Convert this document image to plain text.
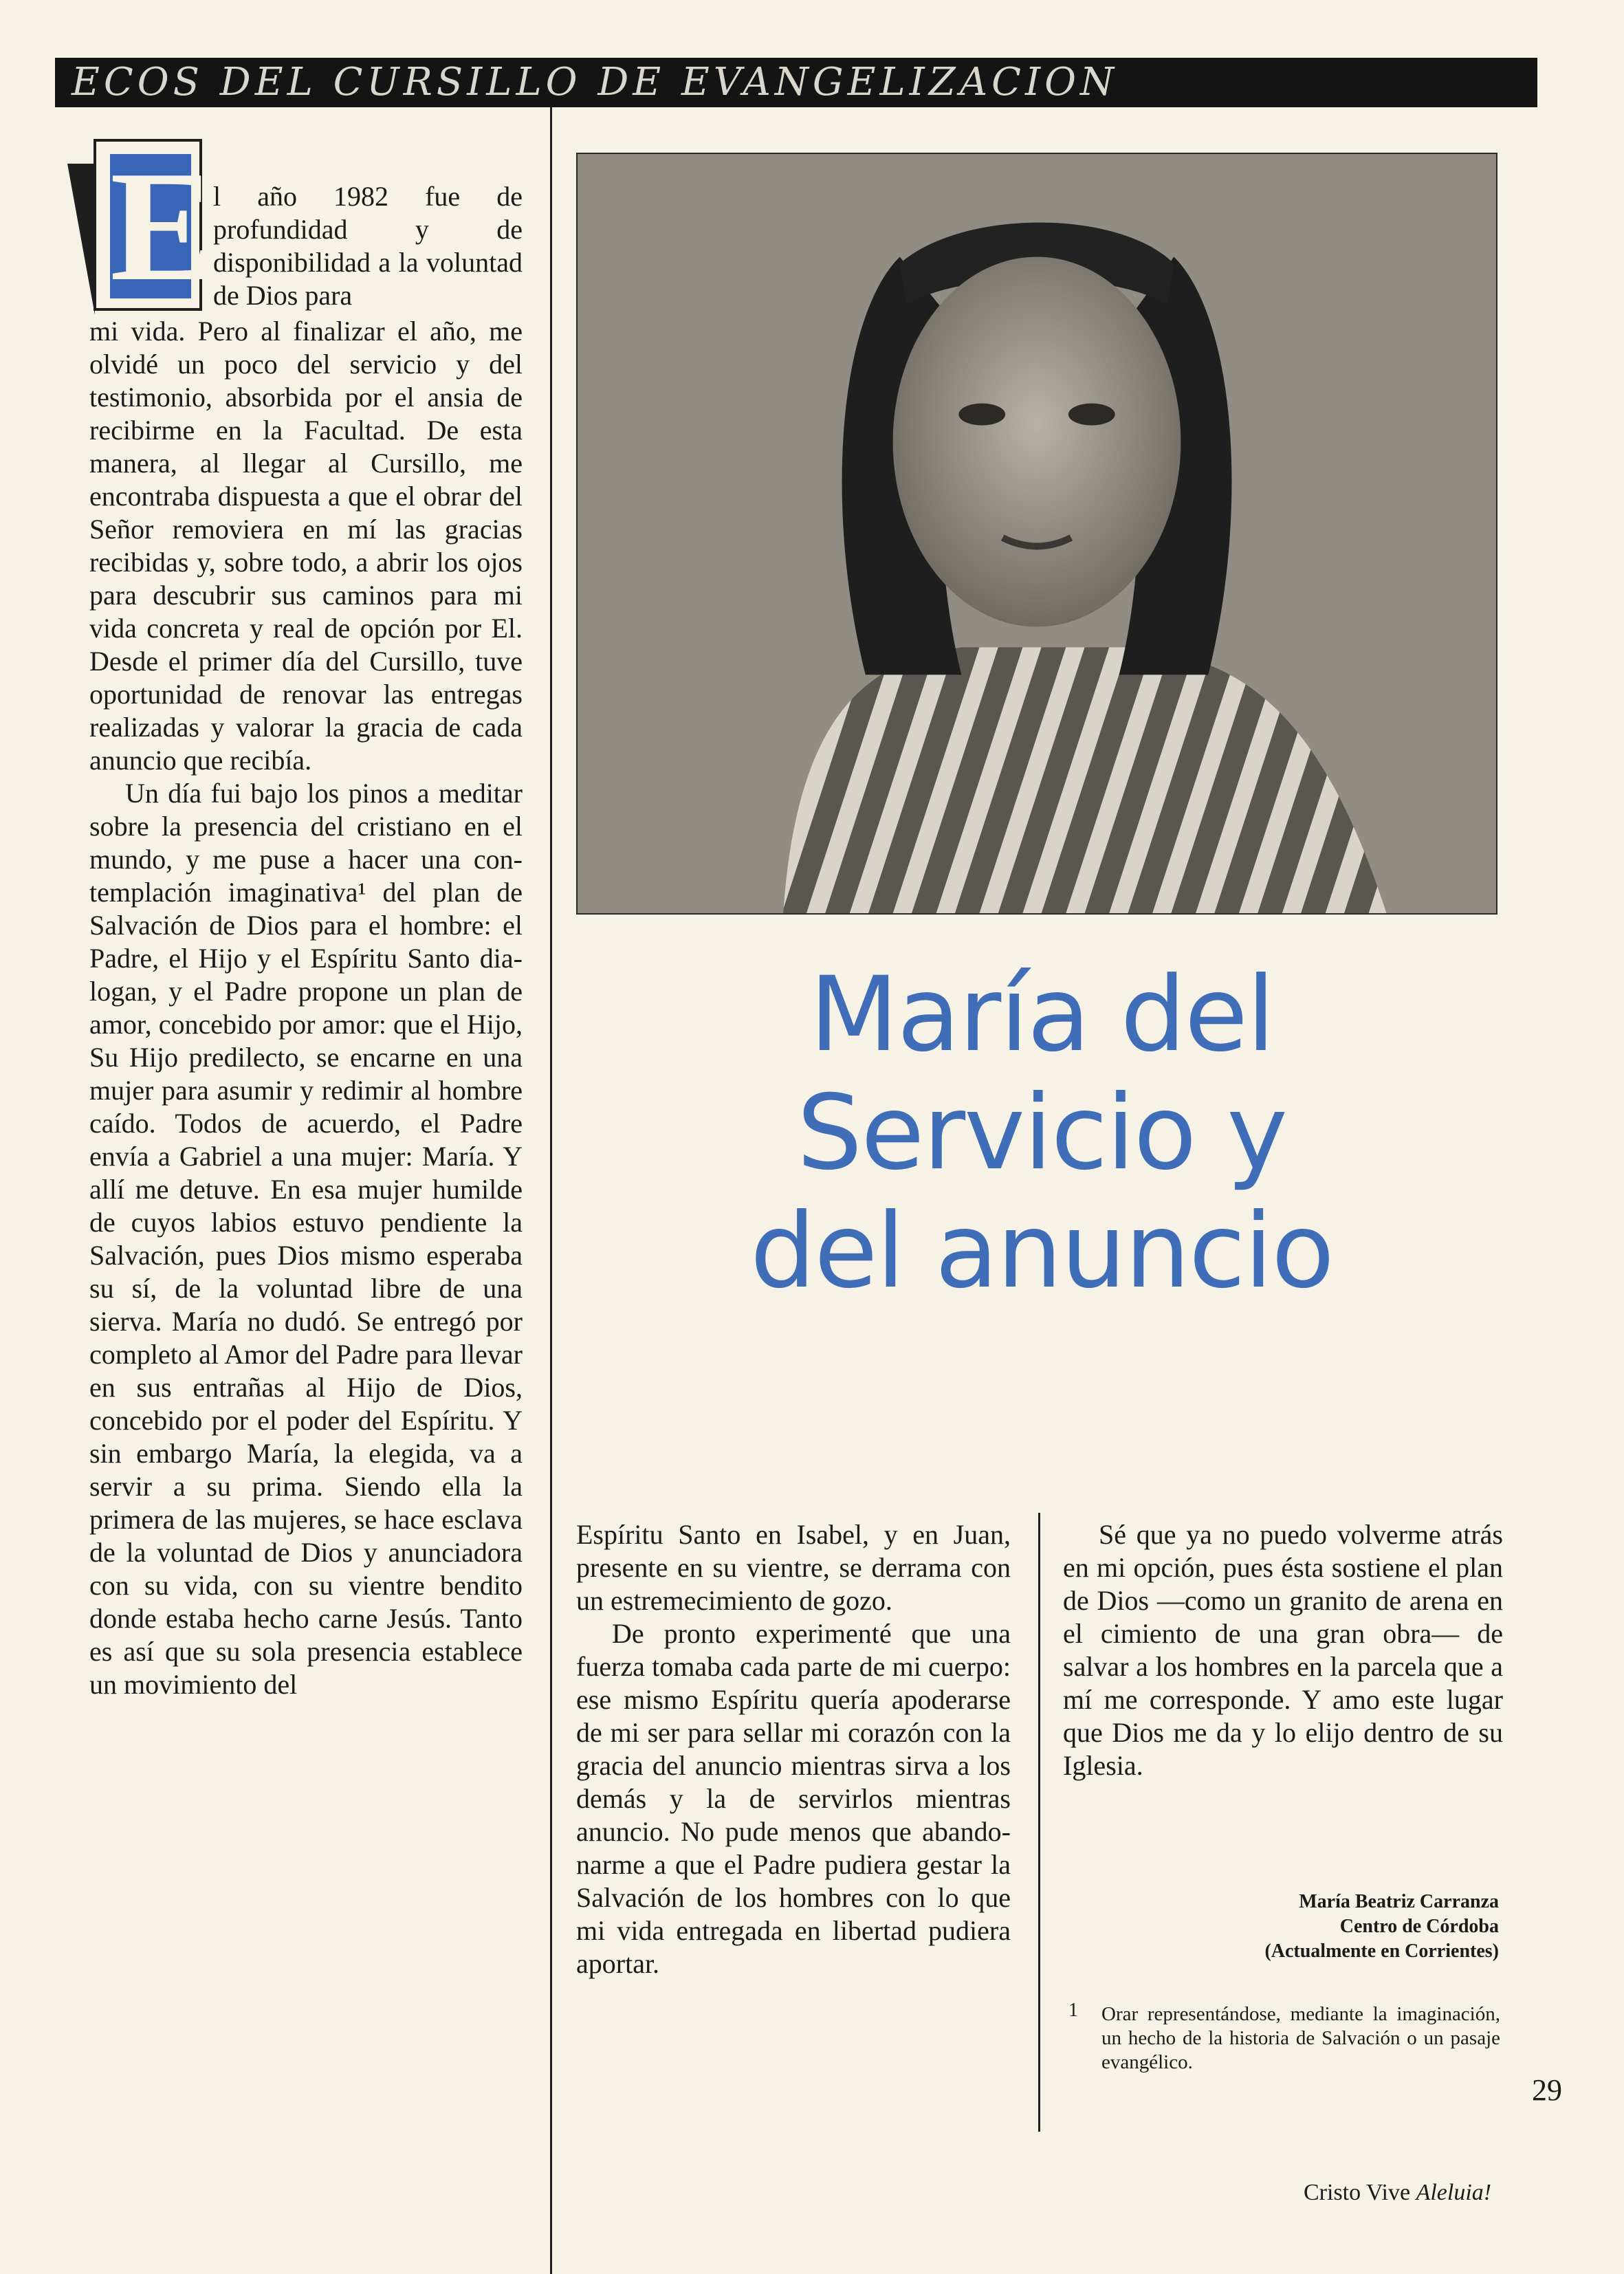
ECOS DEL CURSILLO DE EVANGELIZACION
E

l año 1982 fue de profundidad y de disponibilidad a la voluntad de Dios para

mi vida. Pero al finalizar el año, me olvidé un poco del servicio y del testimonio, absorbida por el ansia de recibirme en la Facultad. De esta manera, al llegar al Cursillo, me encontraba dispuesta a que el obrar del Señor removiera en mí las gracias recibidas y, sobre todo, a abrir los ojos para descubrir sus caminos para mi vida concreta y real de opción por El. Desde el primer día del Cursillo, tuve oportunidad de renovar las entregas realizadas y valorar la gracia de cada anuncio que recibía.

Un día fui bajo los pinos a meditar sobre la presencia del cristiano en el mundo, y me puse a hacer una contemplación imaginativa¹ del plan de Salvación de Dios para el hombre: el Padre, el Hijo y el Espíritu Santo dialogan, y el Padre propone un plan de amor, concebido por amor: que el Hijo, Su Hijo predilecto, se encarne en una mujer para asumir y redimir al hombre caído. Todos de acuerdo, el Padre envía a Gabriel a una mujer: María. Y allí me detuve. En esa mujer humilde de cuyos labios estuvo pendiente la Salvación, pues Dios mismo esperaba su sí, de la voluntad libre de una sierva. María no dudó. Se entregó por completo al Amor del Padre para llevar en sus entrañas al Hijo de Dios, concebido por el poder del Espíritu. Y sin embargo María, la elegida, va a servir a su prima. Siendo ella la primera de las mujeres, se hace esclava de la voluntad de Dios y anunciadora con su vida, con su vientre bendito donde estaba hecho carne Jesús. Tanto es así que su sola presencia establece un movimiento del

María del
Servicio y
del anuncio

Espíritu Santo en Isabel, y en Juan, presente en su vientre, se derrama con un estremecimiento de gozo.

De pronto experimenté que una fuerza tomaba cada parte de mi cuerpo: ese mismo Espíritu quería apoderarse de mi ser para sellar mi corazón con la gracia del anuncio mientras sirva a los demás y la de servirlos mientras anuncio. No pude menos que abandonarme a que el Padre pudiera gestar la Salvación de los hombres con lo que mi vida entregada en libertad pudiera aportar.

Sé que ya no puedo volverme atrás en mi opción, pues ésta sostiene el plan de Dios —como un granito de arena en el cimiento de una gran obra— de salvar a los hombres en la parcela que a mí me corresponde. Y amo este lugar que Dios me da y lo elijo dentro de su Iglesia.

María Beatriz Carranza
Centro de Córdoba
(Actualmente en Corrientes)
1 Orar representándose, mediante la imaginación, un hecho de la historia de Salvación o un pasaje evangélico.

29
Cristo Vive Aleluia!
